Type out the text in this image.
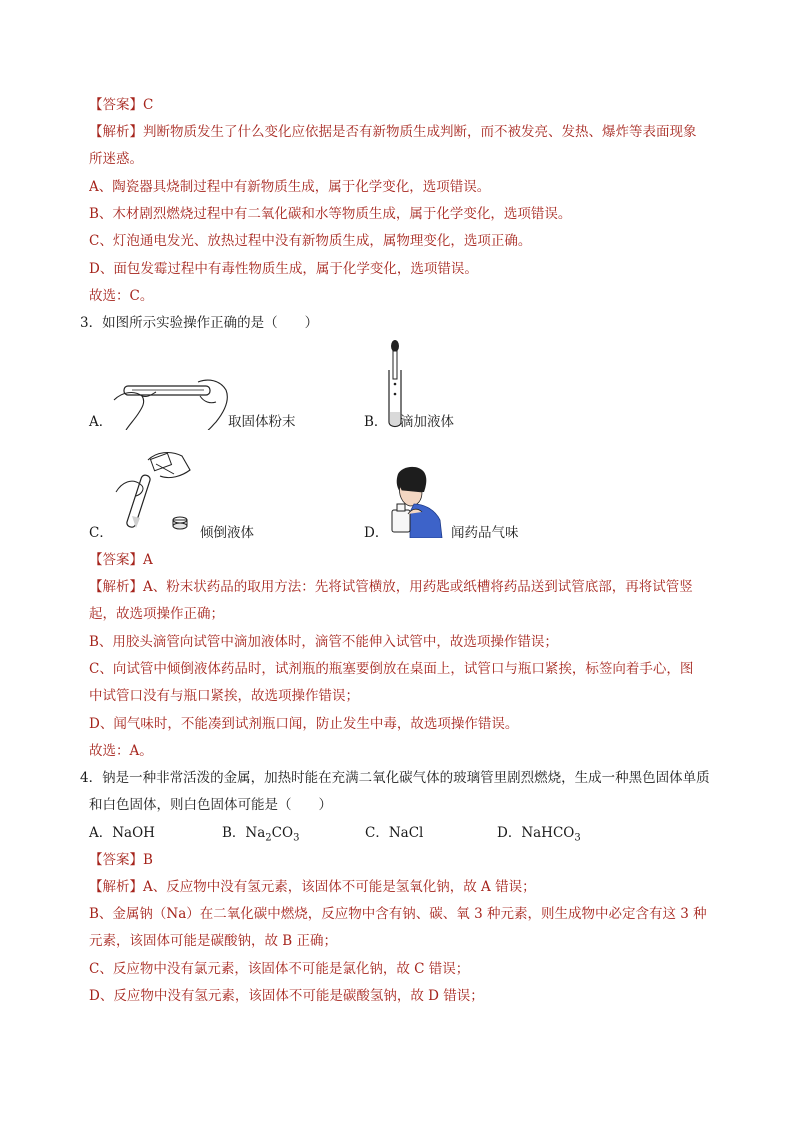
【答案】C
【解析】判断物质发生了什么变化应依据是否有新物质生成判断，而不被发亮、发热、爆炸等表面现象
所迷惑。
A、陶瓷器具烧制过程中有新物质生成，属于化学变化，选项错误。
B、木材剧烈燃烧过程中有二氧化碳和水等物质生成，属于化学变化，选项错误。
C、灯泡通电发光、放热过程中没有新物质生成，属物理变化，选项正确。
D、面包发霉过程中有毒性物质生成，属于化学变化，选项错误。
故选：C。
3．如图所示实验操作正确的是（　　）
A．	取固体粉末	B． 滴加液体
C．	倾倒液体	D．	闻药品气味
【答案】A
【解析】A、粉末状药品的取用方法：先将试管横放，用药匙或纸槽将药品送到试管底部，再将试管竖
起，故选项操作正确；
B、用胶头滴管向试管中滴加液体时，滴管不能伸入试管中，故选项操作错误；
C、向试管中倾倒液体药品时，试剂瓶的瓶塞要倒放在桌面上，试管口与瓶口紧挨，标签向着手心，图
中试管口没有与瓶口紧挨，故选项操作错误；
D、闻气味时，不能凑到试剂瓶口闻，防止发生中毒，故选项操作错误。
故选：A。
4．钠是一种非常活泼的金属，加热时能在充满二氧化碳气体的玻璃管里剧烈燃烧，生成一种黑色固体单质
和白色固体，则白色固体可能是（　　）
A．NaOH	B．$Na_2CO_3$	C．NaCl	D．NaHCO$_3$
【答案】B
【解析】A、反应物中没有氢元素，该固体不可能是氢氧化钠，故 A 错误；
B、金属钠（Na）在二氧化碳中燃烧，反应物中含有钠、碳、氧 3 种元素，则生成物中必定含有这 3 种
元素，该固体可能是碳酸钠，故 B 正确；
C、反应物中没有氯元素，该固体不可能是氯化钠，故 C 错误；
D、反应物中没有氢元素，该固体不可能是碳酸氢钠，故 D 错误；
